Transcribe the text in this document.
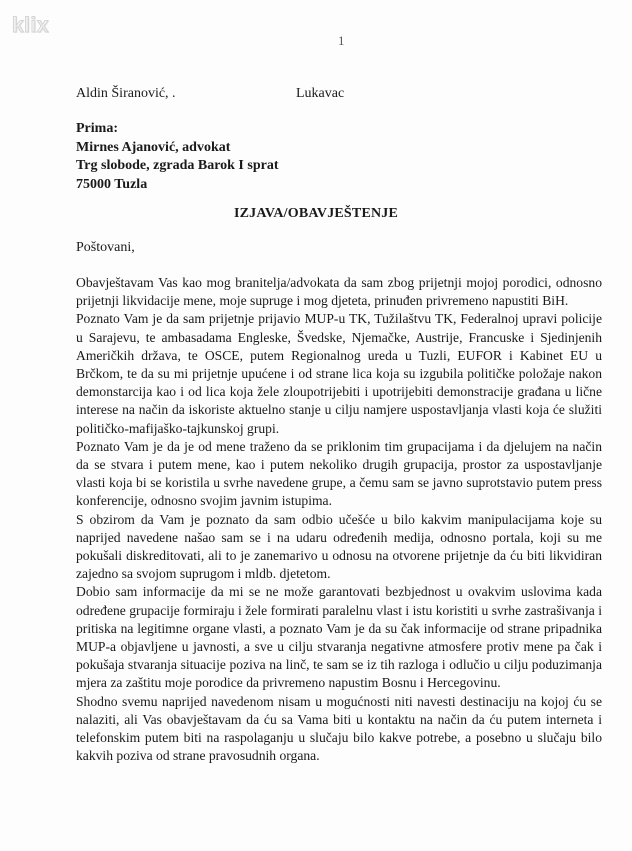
klix
1
Aldin Širanović, .	Lukavac
Prima:
Mirnes Ajanović, advokat
Trg slobode, zgrada Barok I sprat
75000 Tuzla
IZJAVA/OBAVJEŠTENJE
Poštovani,

Obavještavam Vas kao mog branitelja/advokata da sam zbog prijetnji mojoj porodici, odnosno prijetnji likvidacije mene, moje supruge i mog djeteta, prinuđen privremeno napustiti BiH.

Poznato Vam je da sam prijetnje prijavio MUP-u TK, Tužilaštvu TK, Federalnoj upravi policije u Sarajevu, te ambasadama Engleske, Švedske, Njemačke, Austrije, Francuske i Sjedinjenih Američkih država, te OSCE, putem Regionalnog ureda u Tuzli, EUFOR i Kabinet EU u Brčkom, te da su mi prijetnje upućene i od strane lica koja su izgubila političke položaje nakon demonstarcija kao i od lica koja žele zloupotrijebiti i upotrijebiti demonstracije građana u lične interese na način da iskoriste aktuelno stanje u cilju namjere uspostavljanja vlasti koja će služiti političko-mafijaško-tajkunskoj grupi.

Poznato Vam je da je od mene traženo da se priklonim tim grupacijama i da djelujem na način da se stvara i putem mene, kao i putem nekoliko drugih grupacija, prostor za uspostavljanje vlasti koja bi se koristila u svrhe navedene grupe, a čemu sam se javno suprotstavio putem press konferencije, odnosno svojim javnim istupima.

S obzirom da Vam je poznato da sam odbio učešće u bilo kakvim manipulacijama koje su naprijed navedene našao sam se i na udaru određenih medija, odnosno portala, koji su me pokušali diskreditovati, ali to je zanemarivo u odnosu na otvorene prijetnje da ću biti likvidiran zajedno sa svojom suprugom i mldb. djetetom.

Dobio sam informacije da mi se ne može garantovati bezbjednost u ovakvim uslovima kada određene grupacije formiraju i žele formirati paralelnu vlast i istu koristiti u svrhe zastrašivanja i pritiska na legitimne organe vlasti, a poznato Vam je da su čak informacije od strane pripadnika MUP-a objavljene u javnosti, a sve u cilju stvaranja negativne atmosfere protiv mene pa čak i pokušaja stvaranja situacije poziva na linč, te sam se iz tih razloga i odlučio u cilju poduzimanja mjera za zaštitu moje porodice da privremeno napustim Bosnu i Hercegovinu.

Shodno svemu naprijed navedenom nisam u mogućnosti niti navesti destinaciju na kojoj ću se nalaziti, ali Vas obavještavam da ću sa Vama biti u kontaktu na način da ću putem interneta i telefonskim putem biti na raspolaganju u slučaju bilo kakve potrebe, a posebno u slučaju bilo kakvih poziva od strane pravosudnih organa.
